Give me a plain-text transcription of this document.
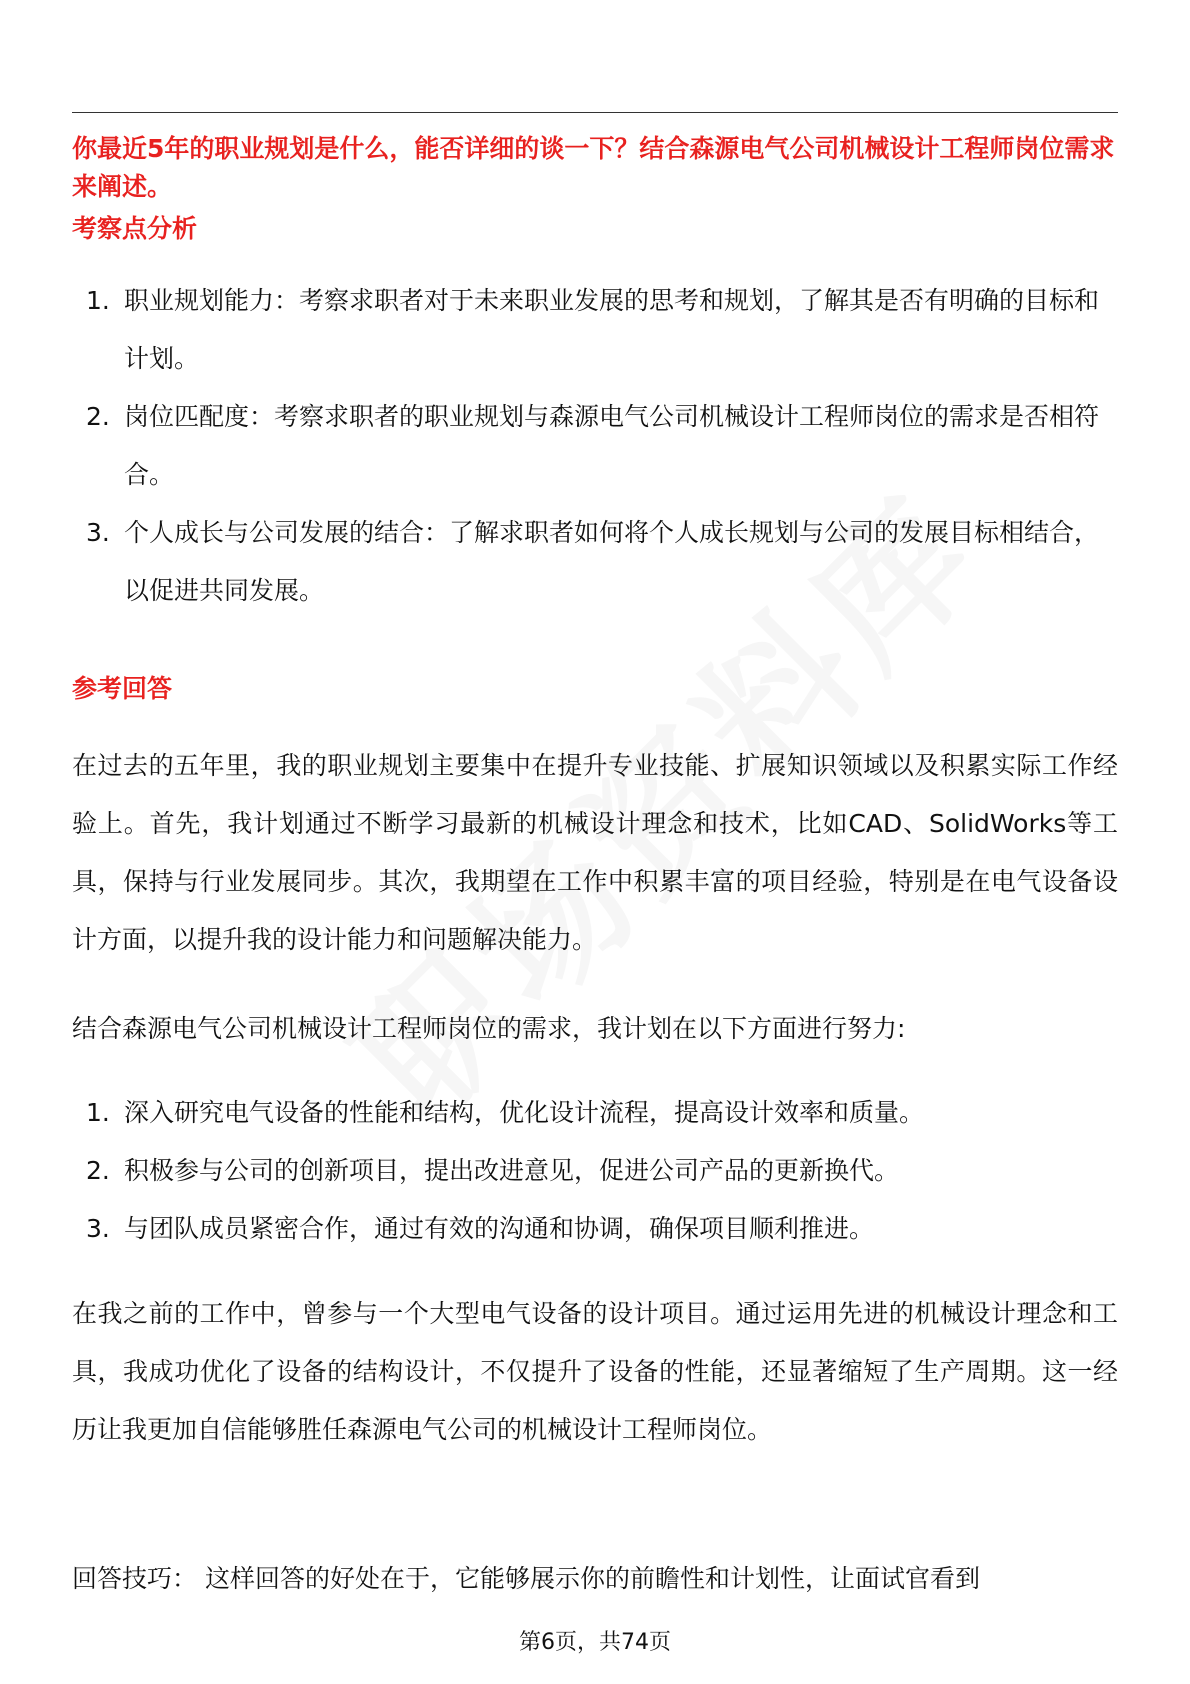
你最近5年的职业规划是什么，能否详细的谈一下？结合森源电气公司机械设计工程师岗位需求来阐述。
考察点分析
1. 职业规划能力：考察求职者对于未来职业发展的思考和规划，了解其是否有明确的目标和计划。
2. 岗位匹配度：考察求职者的职业规划与森源电气公司机械设计工程师岗位的需求是否相符合。
3. 个人成长与公司发展的结合：了解求职者如何将个人成长规划与公司的发展目标相结合，以促进共同发展。
参考回答
在过去的五年里，我的职业规划主要集中在提升专业技能、扩展知识领域以及积累实际工作经验上。首先，我计划通过不断学习最新的机械设计理念和技术，比如CAD、SolidWorks等工具，保持与行业发展同步。其次，我期望在工作中积累丰富的项目经验，特别是在电气设备设计方面，以提升我的设计能力和问题解决能力。
结合森源电气公司机械设计工程师岗位的需求，我计划在以下方面进行努力:
1. 深入研究电气设备的性能和结构，优化设计流程，提高设计效率和质量。
2. 积极参与公司的创新项目，提出改进意见，促进公司产品的更新换代。
3. 与团队成员紧密合作，通过有效的沟通和协调，确保项目顺利推进。
在我之前的工作中，曾参与一个大型电气设备的设计项目。通过运用先进的机械设计理念和工具，我成功优化了设备的结构设计，不仅提升了设备的性能，还显著缩短了生产周期。这一经历让我更加自信能够胜任森源电气公司的机械设计工程师岗位。
回答技巧： 这样回答的好处在于，它能够展示你的前瞻性和计划性，让面试官看到
第6页，共74页
